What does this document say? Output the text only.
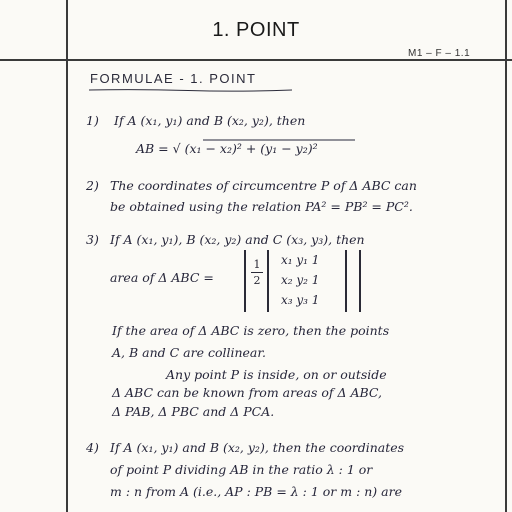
1. POINT
M1 – F – 1.1
FORMULAE - 1. POINT
1) If A (x₁, y₁) and B (x₂, y₂), then
AB = √ (x₁ − x₂)² + (y₁ − y₂)²
2) The coordinates of circumcentre P of Δ ABC can
be obtained using the relation PA² = PB² = PC².
3) If A (x₁, y₁), B (x₂, y₂) and C (x₃, y₃), then
area of Δ ABC =
1
2
x₁ y₁ 1
x₂ y₂ 1
x₃ y₃ 1
If the area of Δ ABC is zero, then the points
A, B and C are collinear.
Any point P is inside, on or outside
Δ ABC can be known from areas of Δ ABC,
Δ PAB, Δ PBC and Δ PCA.
4) If A (x₁, y₁) and B (x₂, y₂), then the coordinates
of point P dividing AB in the ratio λ : 1 or
m : n from A (i.e., AP : PB = λ : 1 or m : n) are
